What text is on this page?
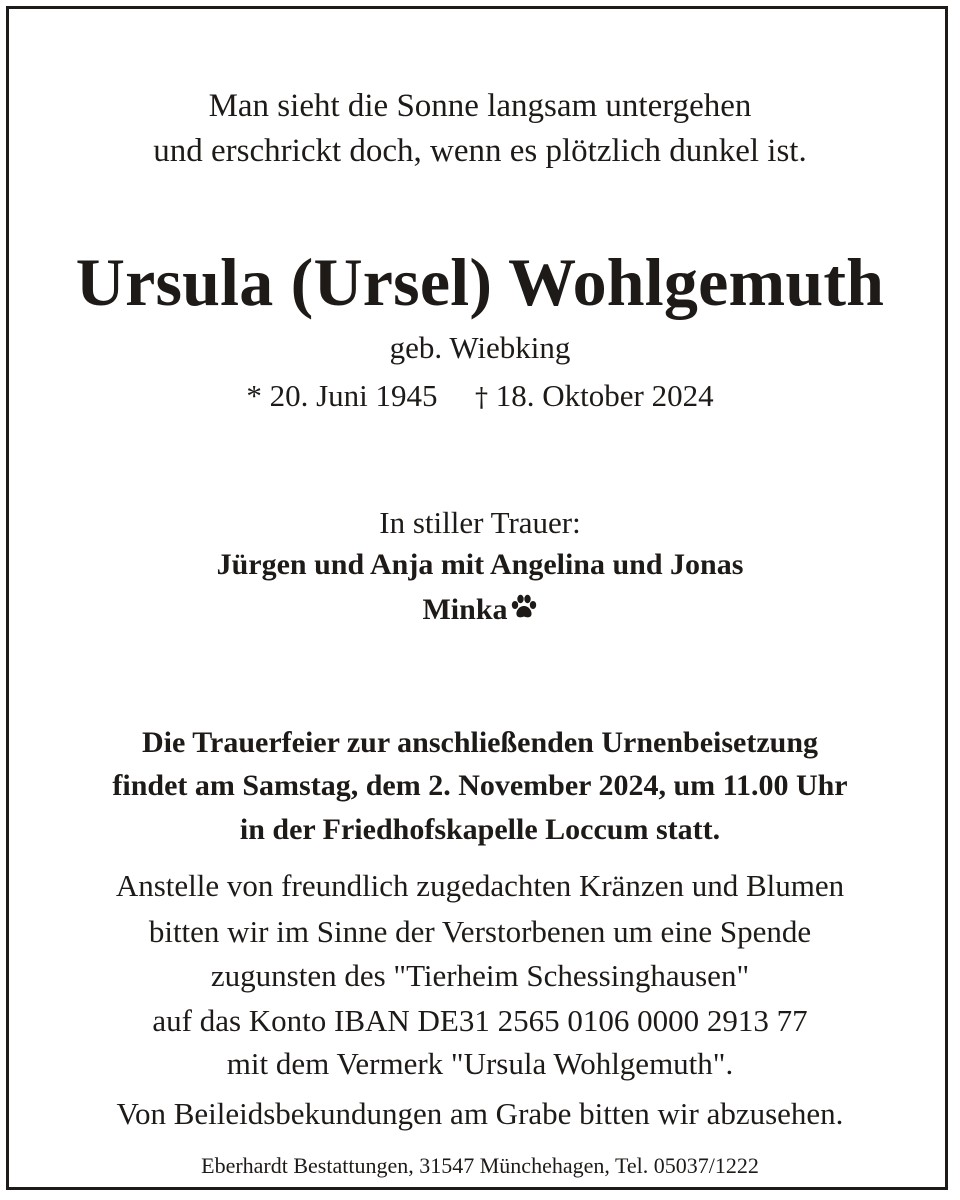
Man sieht die Sonne langsam untergehen
und erschrickt doch, wenn es plötzlich dunkel ist.
Ursula (Ursel) Wohlgemuth
geb. Wiebking
* 20. Juni 1945 † 18. Oktober 2024
In stiller Trauer:
Jürgen und Anja mit Angelina und Jonas
Minka
Die Trauerfeier zur anschließenden Urnenbeisetzung
findet am Samstag, dem 2. November 2024, um 11.00 Uhr
in der Friedhofskapelle Loccum statt.
Anstelle von freundlich zugedachten Kränzen und Blumen
bitten wir im Sinne der Verstorbenen um eine Spende
zugunsten des "Tierheim Schessinghausen"
auf das Konto IBAN DE31 2565 0106 0000 2913 77
mit dem Vermerk "Ursula Wohlgemuth".
Von Beileidsbekundungen am Grabe bitten wir abzusehen.
Eberhardt Bestattungen, 31547 Münchehagen, Tel. 05037/1222
